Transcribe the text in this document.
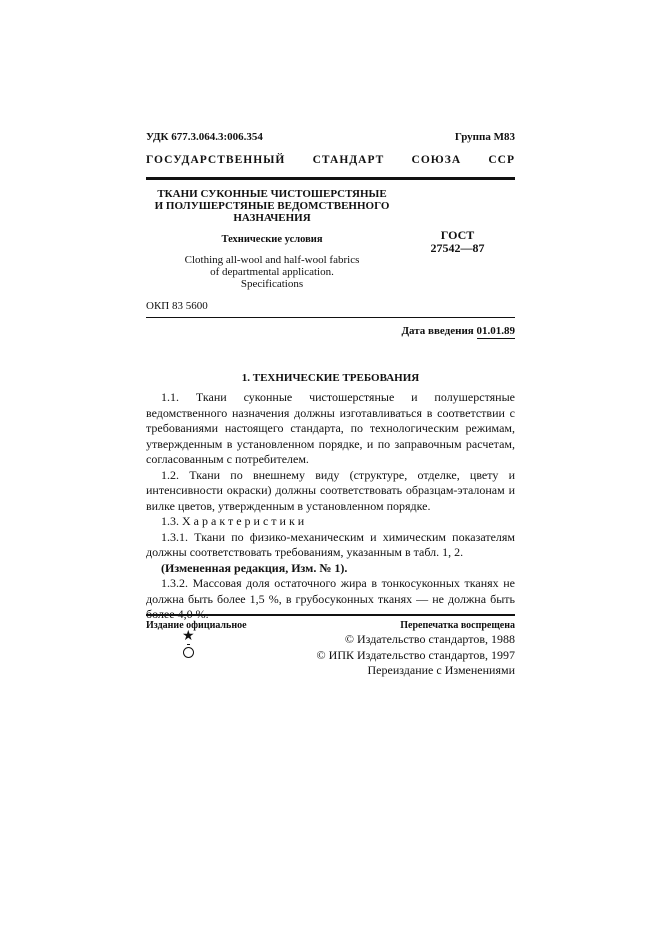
УДК 677.3.064.3:006.354	Группа М83
ГОСУДАРСТВЕННЫЙ СТАНДАРТ СОЮЗА ССР
ТКАНИ СУКОННЫЕ ЧИСТОШЕРСТЯНЫЕ
И ПОЛУШЕРСТЯНЫЕ ВЕДОМСТВЕННОГО
НАЗНАЧЕНИЯ
Технические условия
Clothing all-wool and half-wool fabrics
of departmental application.
Specifications
ГОСТ
27542—87
ОКП 83 5600
Дата введения 01.01.89
1. ТЕХНИЧЕСКИЕ ТРЕБОВАНИЯ

1.1. Ткани суконные чистошерстяные и полушерстяные ведомственного назначения должны изготавливаться в соответствии с требованиями настоящего стандарта, по технологическим режимам, утвержденным в установленном порядке, и по заправочным расчетам, согласованным с потребителем.

1.2. Ткани по внешнему виду (структуре, отделке, цвету и интенсивности окраски) должны соответствовать образцам-эталонам и вилке цветов, утвержденным в установленном порядке.

1.3. Характеристики

1.3.1. Ткани по физико-механическим и химическим показателям должны соответствовать требованиям, указанным в табл. 1, 2.

(Измененная редакция, Изм. № 1).

1.3.2. Массовая доля остаточного жира в тонкосуконных тканях не должна быть более 1,5 %, в грубосуконных тканях — не должна быть

Издание официальное	Перепечатка воспрещена
★	© Издательство стандартов, 1988
© ИПК Издательство стандартов, 1997
Переиздание с Изменениями
